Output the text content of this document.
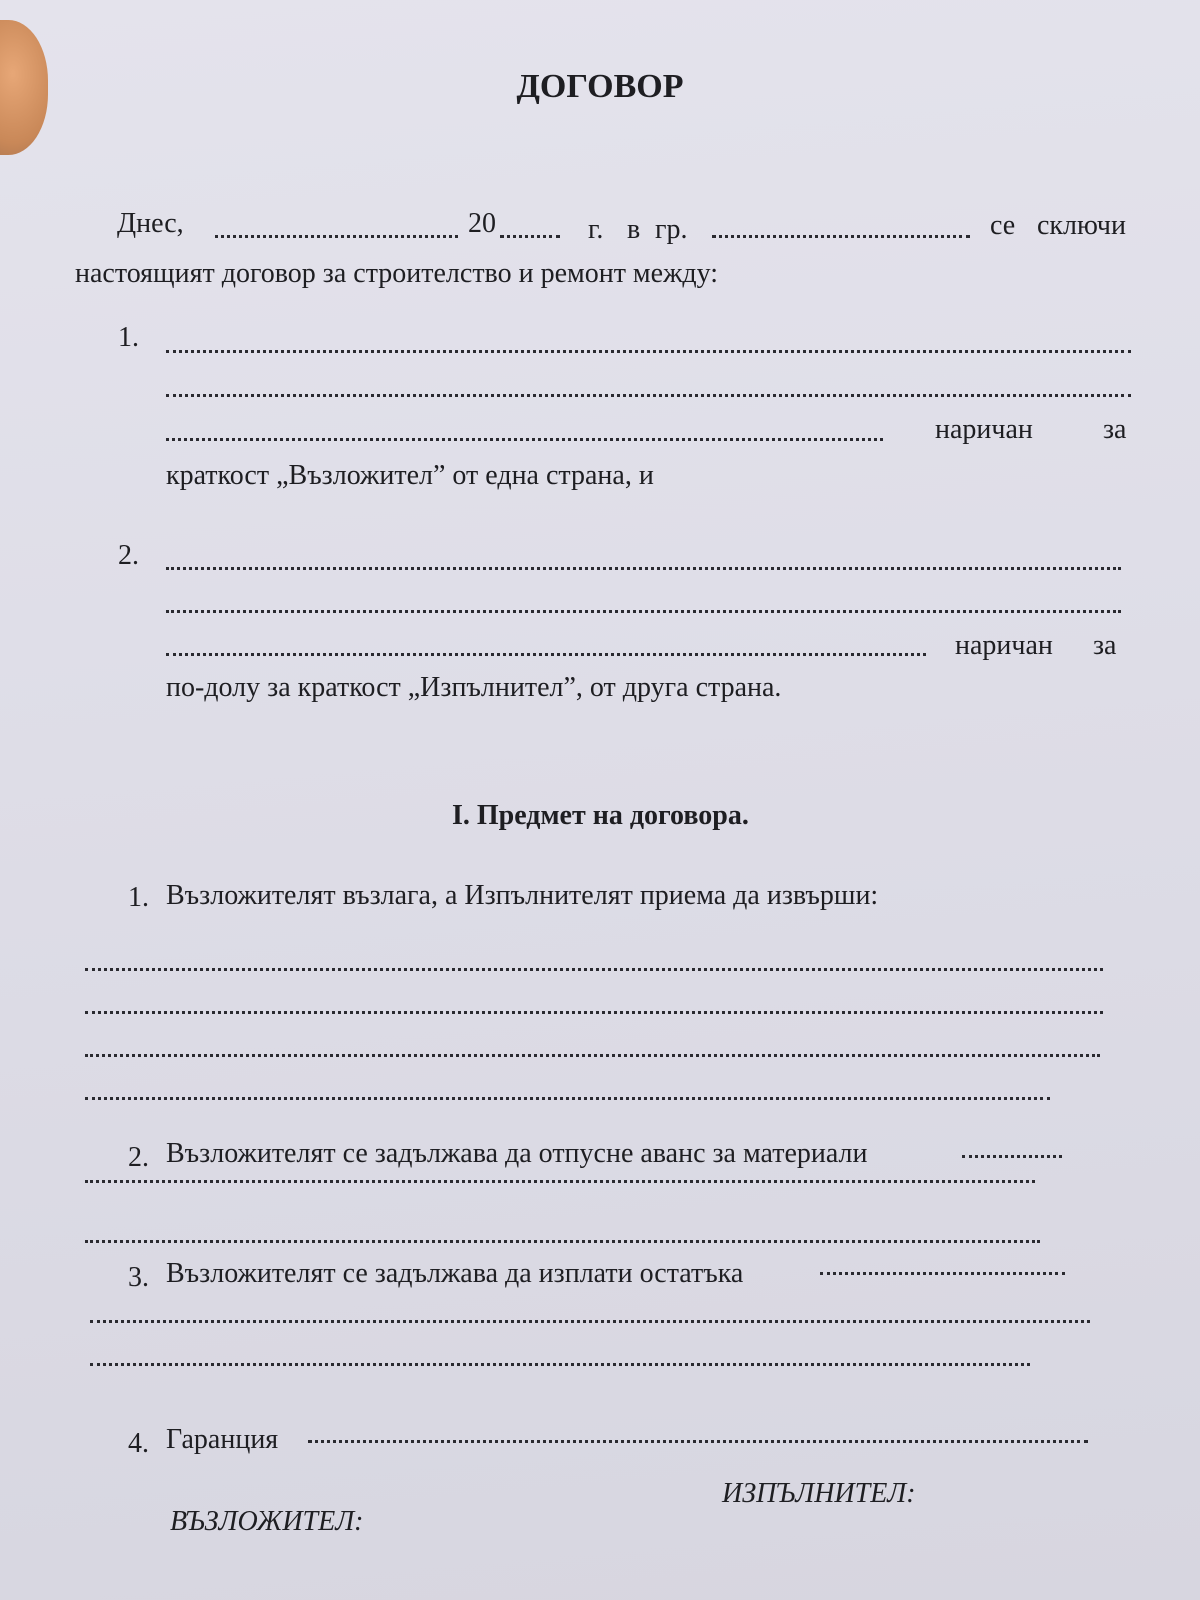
ДОГОВОР
Днес,	20	г. в гр.	се сключи
настоящият договор за строителство и ремонт между:
1.
наричан	за
краткост „Възложител” от една страна, и
2.
наричан за
по-долу за краткост „Изпълнител”, от друга страна.
I. Предмет на договора.
1. Възложителят възлага, а Изпълнителят приема да извърши:
2. Възложителят се задължава да отпусне аванс за материали
3. Възложителят се задължава да изплати остатъка
4. Гаранция
ИЗПЪЛНИТЕЛ:
ВЪЗЛОЖИТЕЛ:
